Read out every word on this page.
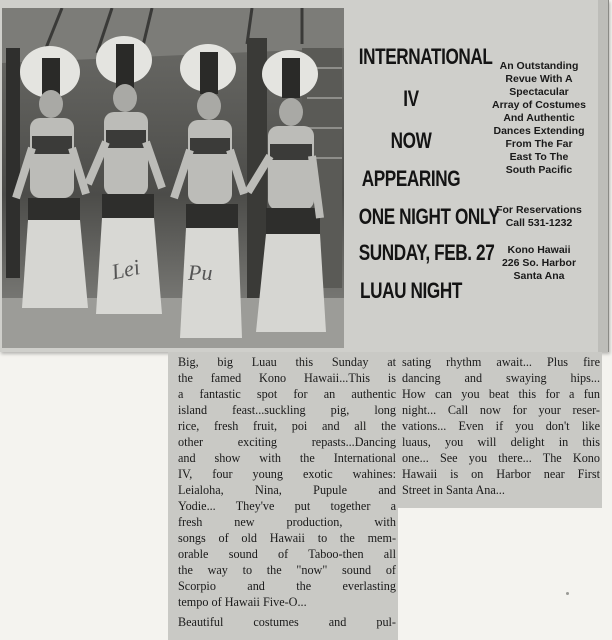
Lei Pu
INTERNATIONAL
IV
NOW
APPEARING
ONE NIGHT ONLY
SUNDAY, FEB. 27
LUAU NIGHT
An Outstanding
Revue With A
Spectacular
Array of Costumes
And Authentic
Dances Extending
From The Far
East To The
South Pacific
For Reservations
Call 531-1232
Kono Hawaii
226 So. Harbor
Santa Ana
Big, big Luau this Sunday at
the famed Kono Hawaii...This is
a fantastic spot for an authentic
island feast...suckling pig, long
rice, fresh fruit, poi and all the
other exciting repasts...Dancing
and show with the International
IV, four young exotic wahines:
Leialoha, Nina, Pupule and
Yodie... They've put together a
fresh new production, with
songs of old Hawaii to the mem-
orable sound of Taboo-then all
the way to the "now" sound of
Scorpio and the everlasting
tempo of Hawaii Five-O...
Beautiful costumes and pul-
sating rhythm await... Plus fire
dancing and swaying hips...
How can you beat this for a fun
night... Call now for your reser-
vations... Even if you don't like
luaus, you will delight in this
one... See you there... The Kono
Hawaii is on Harbor near First
Street in Santa Ana...
